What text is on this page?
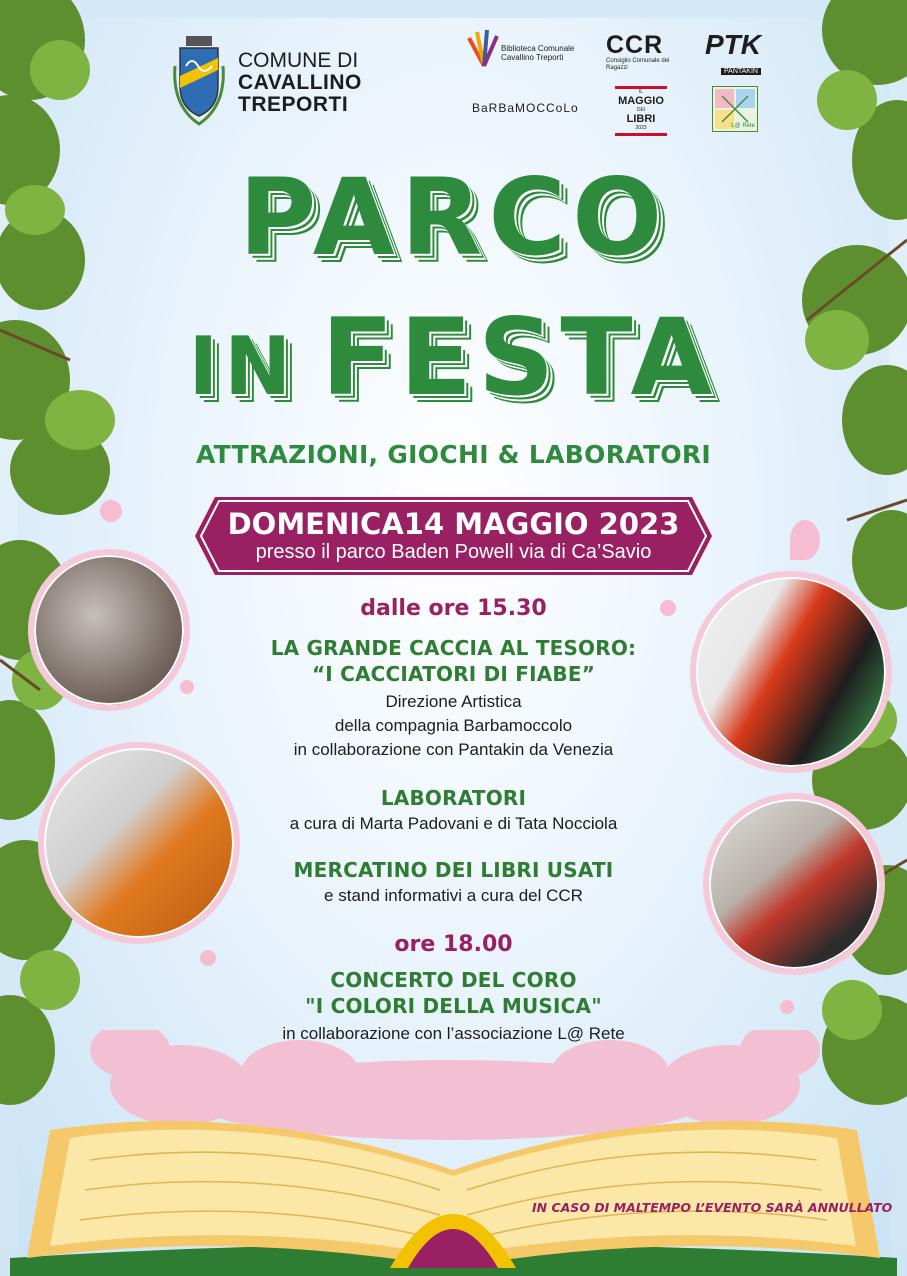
COMUNE DI
CAVALLINO
TREPORTI
Biblioteca Comunale Cavallino Treporti	CCR
Consiglio Comunale dei Ragazzi
PTK
PANTAKIN
BaRBaMOCCoLo
IL
MAGGIO
DEI
LIBRI
2023	L@ Rete
PARCO
IN FESTA
ATTRAZIONI, GIOCHI & LABORATORI
DOMENICA14 MAGGIO 2023
presso il parco Baden Powell via di Ca’Savio
dalle ore 15.30
LA GRANDE CACCIA AL TESORO:
“I CACCIATORI DI FIABE”
Direzione Artistica
della compagnia Barbamoccolo
in collaborazione con Pantakin da Venezia
LABORATORI
a cura di Marta Padovani e di Tata Nocciola
MERCATINO DEI LIBRI USATI
e stand informativi a cura del CCR
ore 18.00
CONCERTO DEL CORO
"I COLORI DELLA MUSICA"
in collaborazione con l’associazione L@ Rete
IN CASO DI MALTEMPO L’EVENTO SARÀ ANNULLATO
